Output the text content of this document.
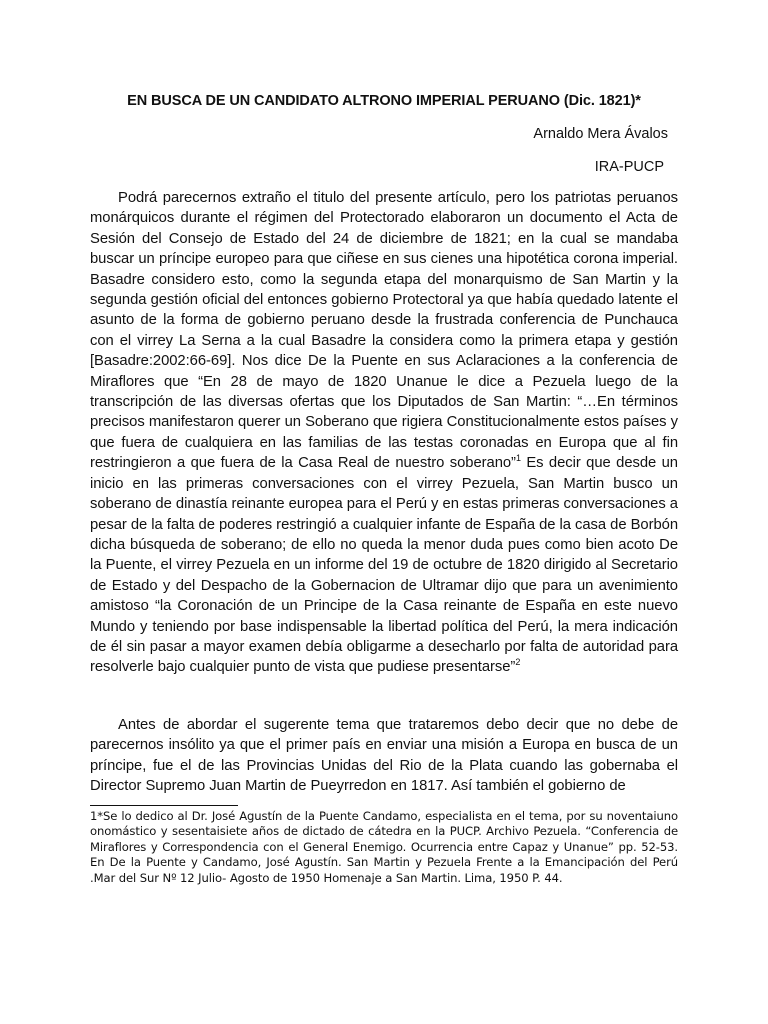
EN BUSCA DE UN CANDIDATO ALTRONO IMPERIAL PERUANO (Dic. 1821)*
Arnaldo Mera Ávalos
IRA-PUCP

Podrá parecernos extraño el titulo del presente artículo, pero los patriotas peruanos monárquicos durante el régimen del Protectorado elaboraron un documento el Acta de Sesión del Consejo de Estado del 24 de diciembre de 1821; en la cual se mandaba buscar un príncipe europeo para que ciñese en sus cienes una hipotética corona imperial. Basadre considero esto, como la segunda etapa del monarquismo de San Martin y la segunda gestión oficial del entonces gobierno Protectoral ya que había quedado latente el asunto de la forma de gobierno peruano desde la frustrada conferencia de Punchauca con el virrey La Serna a la cual Basadre la considera como la primera etapa y gestión [Basadre:2002:66-69]. Nos dice De la Puente en sus Aclaraciones a la conferencia de Miraflores que “En 28 de mayo de 1820 Unanue le dice a Pezuela luego de la transcripción de las diversas ofertas que los Diputados de San Martin: “…En términos precisos manifestaron querer un Soberano que rigiera Constitucionalmente estos países y que fuera de cualquiera en las familias de las testas coronadas en Europa que al fin restringieron a que fuera de la Casa Real de nuestro soberano”$^1$ Es decir que desde un inicio en las primeras conversaciones con el virrey Pezuela, San Martin busco un soberano de dinastía reinante europea para el Perú y en estas primeras conversaciones a pesar de la falta de poderes restringió a cualquier infante de España de la casa de Borbón dicha búsqueda de soberano; de ello no queda la menor duda pues como bien acoto De la Puente, el virrey Pezuela en un informe del 19 de octubre de 1820 dirigido al Secretario de Estado y del Despacho de la Gobernacion de Ultramar dijo que para un avenimiento amistoso “la Coronación de un Principe de la Casa reinante de España en este nuevo Mundo y teniendo por base indispensable la libertad política del Perú, la mera indicación de él sin pasar a mayor examen debía obligarme a desecharlo por falta de autoridad para resolverle bajo cualquier punto de vista que pudiese presentarse”$^2$

Antes de abordar el sugerente tema que trataremos debo decir que no debe de parecernos insólito ya que el primer país en enviar una misión a Europa en busca de un príncipe, fue el de las Provincias Unidas del Rio de la Plata cuando las gobernaba el Director Supremo Juan Martin de Pueyrredon en 1817. Así también el gobierno de

1*Se lo dedico al Dr. José Agustín de la Puente Candamo, especialista en el tema, por su noventaiuno onomástico y sesentaisiete años de dictado de cátedra en la PUCP. Archivo Pezuela. “Conferencia de Miraflores y Correspondencia con el General Enemigo. Ocurrencia entre Capaz y Unanue” pp. 52-53. En De la Puente y Candamo, José Agustín. San Martin y Pezuela Frente a la Emancipación del Perú .Mar del Sur Nº 12 Julio- Agosto de 1950 Homenaje a San Martin. Lima, 1950 P. 44.
